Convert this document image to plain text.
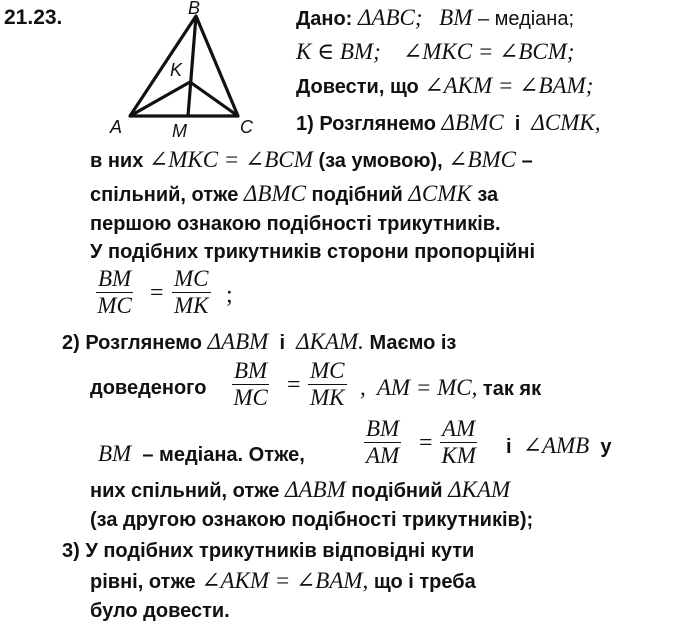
21.23.	B
K
A	M	C
Дано: ΔABC; BM – медіана;
K ∈ BM; ∠MKC = ∠BCM;
Довести, що ∠AKM = ∠BAM;
1) Розглянемо ΔBMC і ΔCMK,
в них ∠MKC = ∠BCM (за умовою), ∠BMC –
спільний, отже ΔBMC подібний ΔCMK за
першою ознакою подібності трикутників.
У подібних трикутників сторони пропорційні
$\frac{BM}{MC} = \frac{MC}{MK}$ ;
2) Розглянемо ΔABM і ΔKAM. Маємо із
доведеного $\frac{BM}{MC} = \frac{MC}{MK}$ , AM = MC, так як
BM – медіана. Отже,	$\frac{BM}{AM} = \frac{AM}{KM}$ і ∠AMB у
них спільний, отже ΔABM подібний ΔKAM
(за другою ознакою подібності трикутників);
3) У подібних трикутників відповідні кути
рівні, отже ∠AKM = ∠BAM, що і треба
було довести.
